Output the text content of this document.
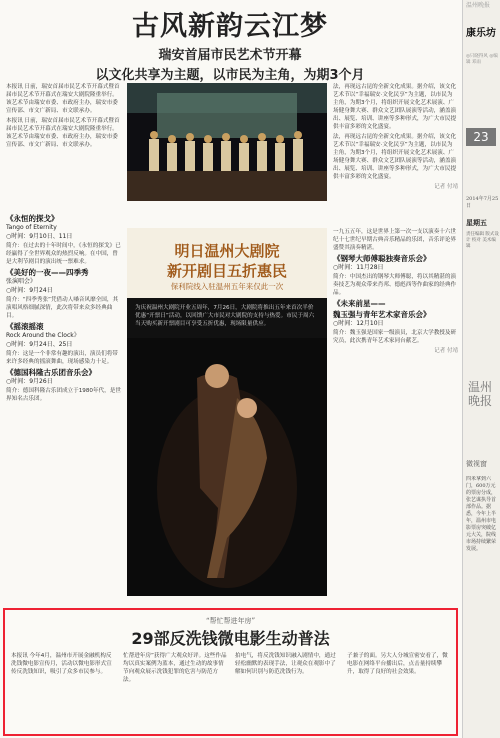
古风新韵云江梦
瑞安首届市民艺术节开幕
以文化共享为主题，以市民为主角，为期3个月

本报讯 日前，瑞安首届市民艺术节开幕式暨首届市民艺术节开幕式在瑞安大剧院隆重举行。该艺术节由瑞安市委、市政府主办，瑞安市委宣传部、市文广新局、市文联承办。

本报讯 日前，瑞安首届市民艺术节开幕式暨首届市民艺术节开幕式在瑞安大剧院隆重举行。该艺术节由瑞安市委、市政府主办，瑞安市委宣传部、市文广新局、市文联承办。

法，再现远古昆的全新文化成果。据介绍，该文化艺术节以“幸福瑞安·文化民享”为主题，以市民为主角，为期3个月，将组织开展文化艺术展演、广场健身舞大赛、群众文艺团队展演等活动，涵盖演出、展览、培训、讲座等多种形式，为广大市民提供丰富多彩的文化盛宴。

法，再现远古昆的全新文化成果。据介绍，该文化艺术节以“幸福瑞安·文化民享”为主题，以市民为主角，为期3个月，将组织开展文化艺术展演、广场健身舞大赛、群众文艺团队展演等活动，涵盖演出、展览、培训、讲座等多种形式，为广大市民提供丰富多彩的文化盛宴。

记者 付靖
《永恒的探戈》
Tango of Eternity
○时间：9月10日、11日

简介：在过去的十年时间中，《永恒的探戈》已经赢得了全世界观众的热烈反响。在中国，曾是大利节剧目的演出统一票难求。

《美好的一夜——四季秀
张演唱会》
○时间：9月24日

简介：“四季秀张”凭借动人嗓音风靡全国，其演唱风格细腻深情，此次将带来众多经典曲目。

《摇滚摇滚
Rock Around the Clock》
○时间：9月24日、25日

简介：这是一个非常有趣的演出，演员们将带来许多经典的摇滚舞曲，现场感染力十足。

《德国科隆古乐团音乐会》
○时间：9月26日

简介：德国科隆古乐团成立于1980年代，是世界知名古乐团。

明日温州大剧院
新开剧目五折惠民
保利院线入驻温州五年来仅此一次
为庆祝温州大剧院开业五周年，7月26日，大剧院将推出五年来首次半价优惠“开票日”活动，以回馈广大市民对大剧院的支持与热爱。市民于周六当天购买新开票剧目可享受五折优惠，现场限量供应。

一九五五年，这是世界上第一次一支以演奏十六世纪十七世纪早期古典音乐精品的乐团，音乐评论界盛赞其演奏精湛。

《钢琴大师傅聪独奏音乐会》
○时间：11月28日

简介：中国杰出的钢琴大师傅聪，将以其精湛的演奏技艺为观众带来肖邦、德彪西等作曲家的经典作品。

《未来前星——
魏玉强与青年艺术家音乐会》
○时间：12月10日

简介：魏玉强是国家一级演员，北京大学教授及研究员，此次携青年艺术家同台献艺。

记者 付靖
“帮忙帮进年房”
29部反洗钱微电影生动普法
本报讯 今年4月，温州市开展金融机构反洗钱微电影宣传月，活动以微电影形式宣传反洗钱知识，吸引了众多市民参与。
忙帮进年房”获得广大观众好评。这些作品均以真实案例为蓝本，通过生动的故事情节向观众展示洗钱犯罪的危害与防范方法。
拍电气，将反洗钱知识融入剧情中，通过轻松幽默的表现手法，让观众在观影中了解如何识别与防范洗钱行为。
子兼子的面。另大人分城宣密安看了，微电影在网络平台播出后，点击量持续攀升，取得了良好的社会效果。
温州晚报
康乐坊
◎只晓得风 ◎编辑 邓雨
23
2014年7月25日
星期五
责任编辑 版式设计 校对 美术编辑
温州晚报
微视窗
四米拿到六门，600万元的票房分成，张艺谋执导首部作品。据悉，今年上半年，温州市电影票房突破亿元大关，院线市场持续繁荣发展。
